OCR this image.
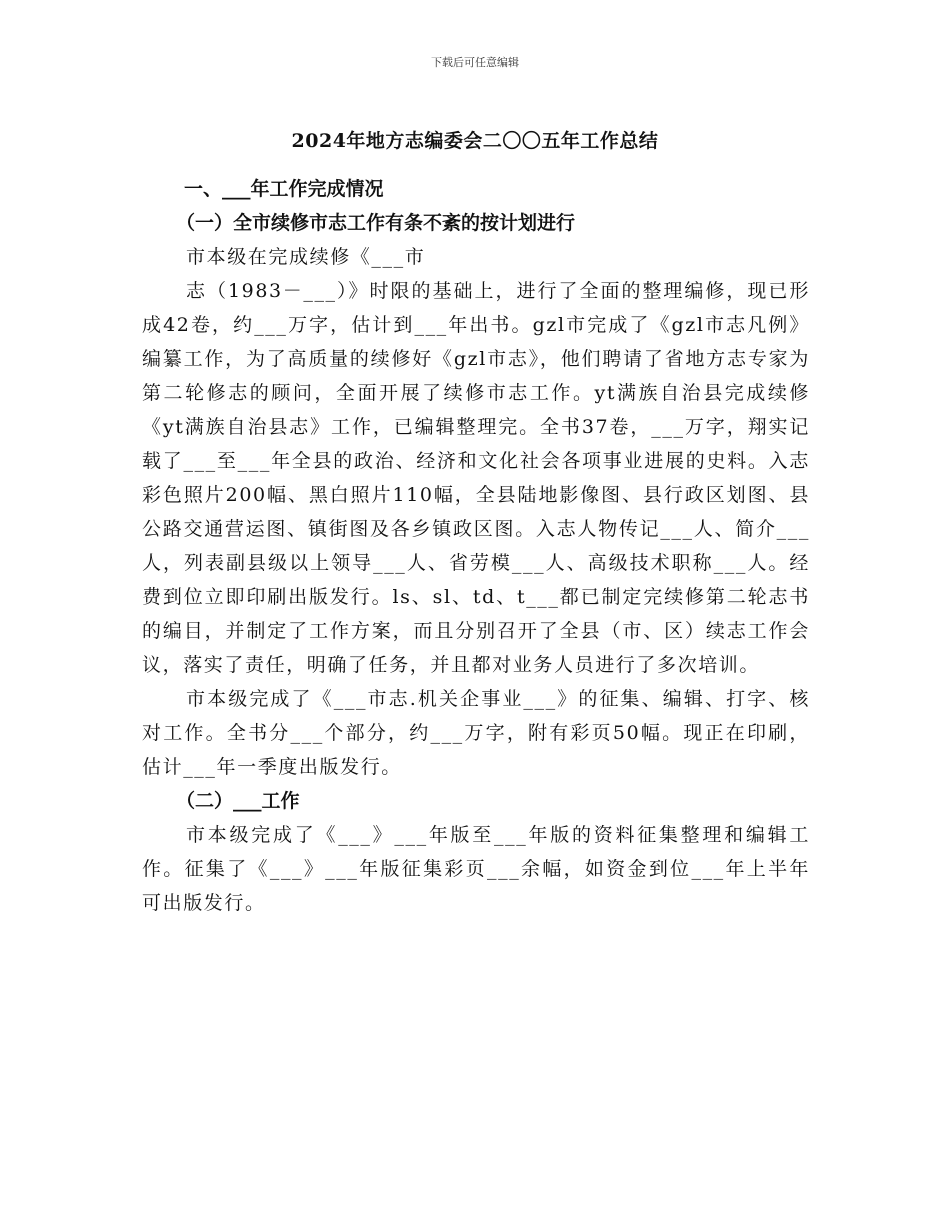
下载后可任意编辑
2024年地方志编委会二〇〇五年工作总结
一、___年工作完成情况
（一）全市续修市志工作有条不紊的按计划进行

市本级在完成续修《___市

志（1983－___）》时限的基础上，进行了全面的整理编修，现已形成42卷，约___万字，估计到___年出书。gzl市完成了《gzl市志凡例》编纂工作，为了高质量的续修好《gzl市志》，他们聘请了省地方志专家为第二轮修志的顾问，全面开展了续修市志工作。yt满族自治县完成续修《yt满族自治县志》工作，已编辑整理完。全书37卷，___万字，翔实记载了___至___年全县的政治、经济和文化社会各项事业进展的史料。入志彩色照片200幅、黑白照片110幅，全县陆地影像图、县行政区划图、县公路交通营运图、镇街图及各乡镇政区图。入志人物传记___人、简介___人，列表副县级以上领导___人、省劳模___人、高级技术职称___人。经费到位立即印刷出版发行。ls、sl、td、t___都已制定完续修第二轮志书的编目，并制定了工作方案，而且分别召开了全县（市、区）续志工作会议，落实了责任，明确了任务，并且都对业务人员进行了多次培训。

市本级完成了《___市志.机关企事业___》的征集、编辑、打字、核对工作。全书分___个部分，约___万字，附有彩页50幅。现正在印刷，估计___年一季度出版发行。

（二）___工作

市本级完成了《___》___年版至___年版的资料征集整理和编辑工作。征集了《___》___年版征集彩页___余幅，如资金到位___年上半年可出版发行。
